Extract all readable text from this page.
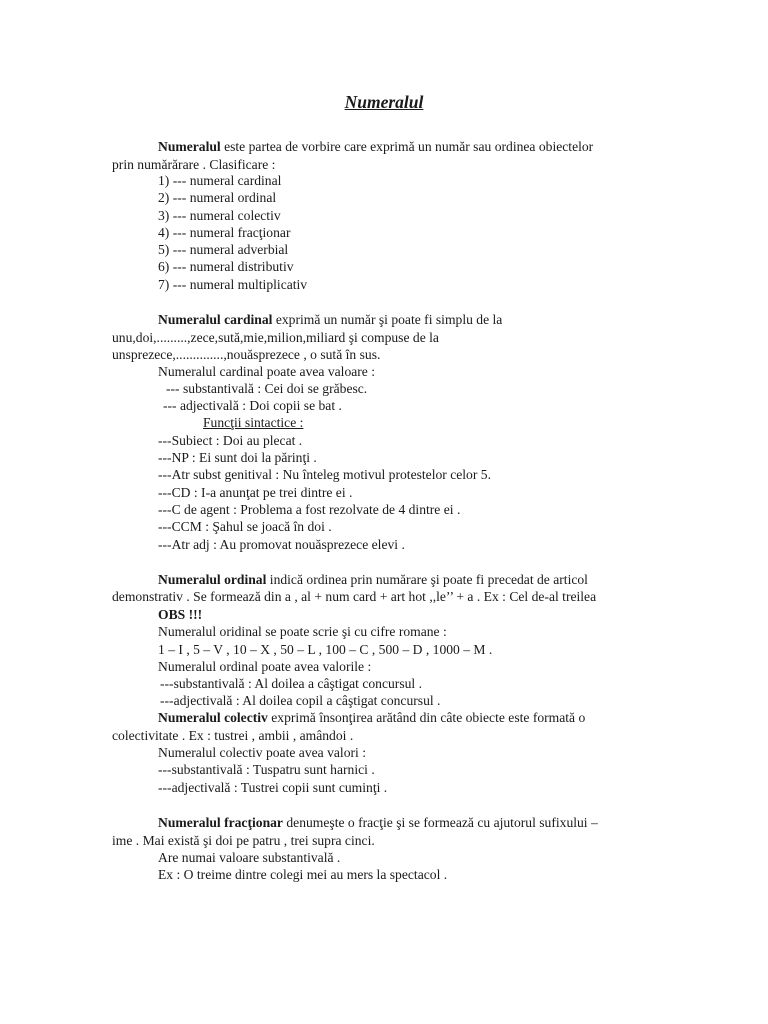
Numeralul
Numeralul este partea de vorbire care exprimă un număr sau ordinea obiectelor
prin numărărare . Clasificare :
1) --- numeral cardinal
2) --- numeral ordinal
3) --- numeral colectiv
4) --- numeral fracţionar
5) --- numeral adverbial
6) --- numeral distributiv
7) --- numeral multiplicativ
Numeralul cardinal exprimă un număr şi poate fi simplu de la
unu,doi,.........,zece,sută,mie,milion,miliard şi compuse de la
unsprezece,..............,nouăsprezece , o sută în sus.
Numeralul cardinal poate avea valoare :
--- substantivală : Cei doi se grăbesc.
--- adjectivală : Doi copii se bat .
Funcţii sintactice :
---Subiect : Doi au plecat .
---NP : Ei sunt doi la părinţi .
---Atr subst genitival : Nu înteleg motivul protestelor celor 5.
---CD : I-a anunţat pe trei dintre ei .
---C de agent : Problema a fost rezolvate de 4 dintre ei .
---CCM : Şahul se joacă în doi .
---Atr adj : Au promovat nouăsprezece elevi .
Numeralul ordinal indică ordinea prin numărare şi poate fi precedat de articol
demonstrativ . Se formează din a , al + num card + art hot ,,le’’ + a . Ex : Cel de-al treilea
OBS !!!
Numeralul oridinal se poate scrie şi cu cifre romane :
1 – I , 5 – V , 10 – X , 50 – L , 100 – C , 500 – D , 1000 – M .
Numeralul ordinal poate avea valorile :
---substantivală : Al doilea a câştigat concursul .
---adjectivală : Al doilea copil a câştigat concursul .
Numeralul colectiv exprimă însonţirea arătând din câte obiecte este formată o
colectivitate . Ex : tustrei , ambii , amândoi .
Numeralul colectiv poate avea valori :
---substantivală : Tuspatru sunt harnici .
---adjectivală : Tustrei copii sunt cuminţi .
Numeralul fracţionar denumeşte o fracţie şi se formează cu ajutorul sufixului –
ime . Mai există şi doi pe patru , trei supra cinci.
Are numai valoare substantivală .
Ex : O treime dintre colegi mei au mers la spectacol .
